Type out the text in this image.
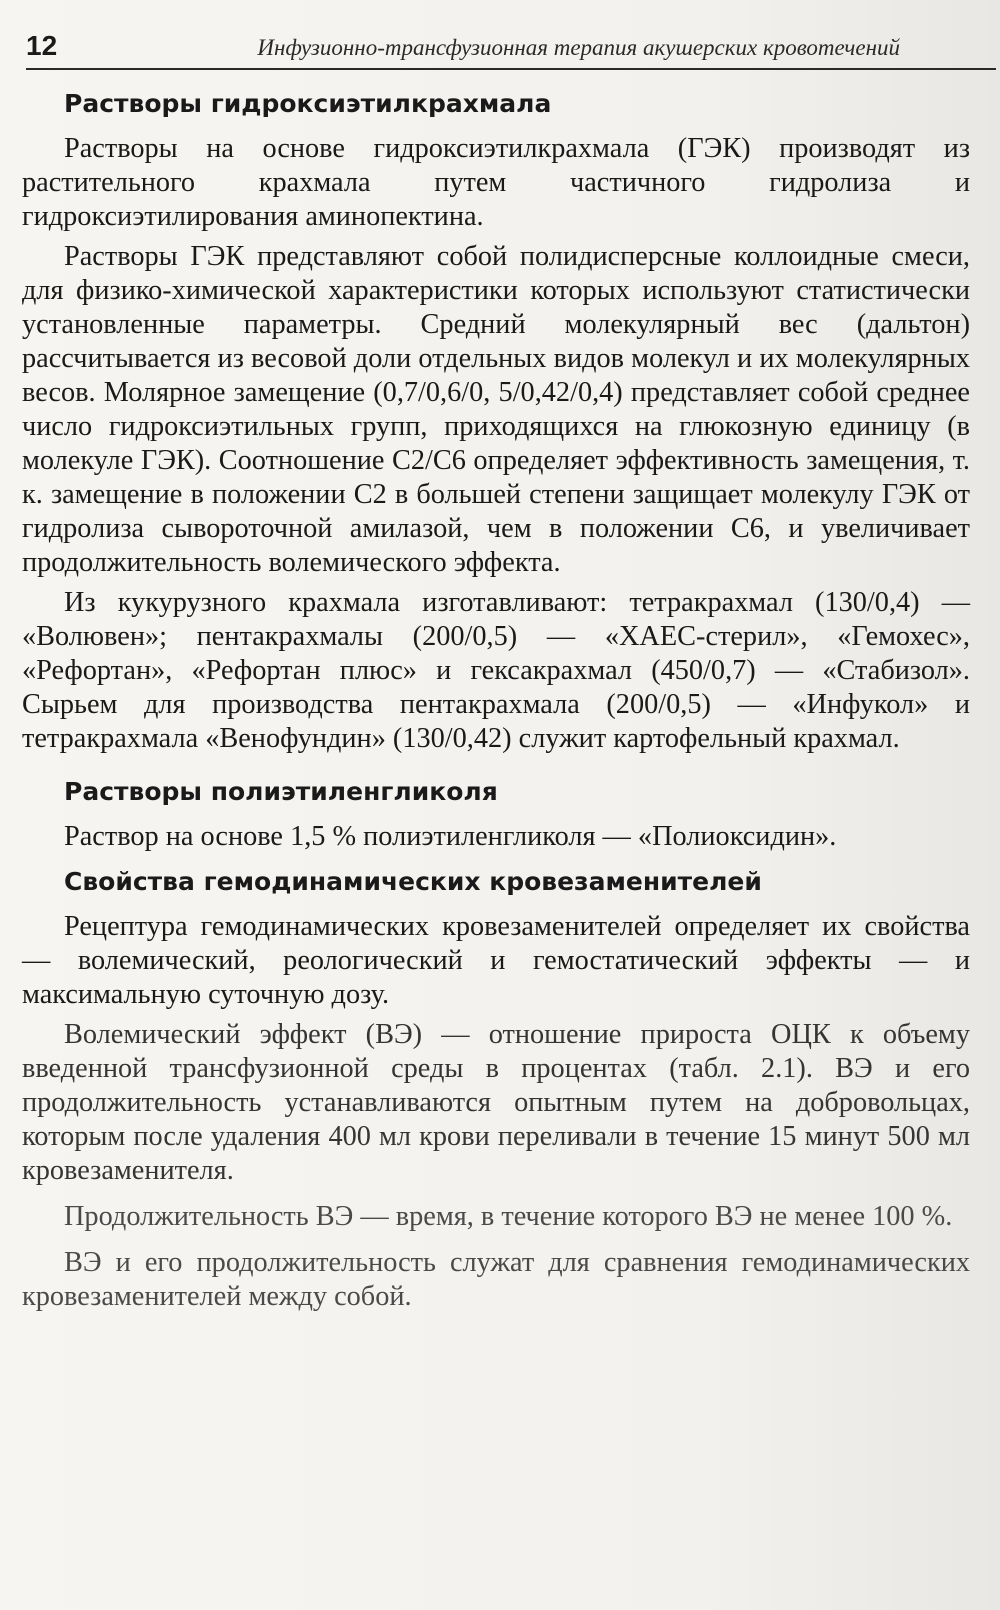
12	Инфузионно-трансфузионная терапия акушерских кровотечений
Растворы гидроксиэтилкрахмала

Растворы на основе гидроксиэтилкрахмала (ГЭК) производят из растительного крахмала путем частичного гидролиза и гидроксиэтилирования аминопектина.

Растворы ГЭК представляют собой полидисперсные коллоидные смеси, для физико-химической характеристики которых используют статистически установленные параметры. Средний молекулярный вес (дальтон) рассчитывается из весовой доли отдельных видов молекул и их молекулярных весов. Молярное замещение (0,7/0,6/0, 5/0,42/0,4) представляет собой среднее число гидроксиэтильных групп, приходящихся на глюкозную единицу (в молекуле ГЭК). Соотношение С2/С6 определяет эффективность замещения, т. к. замещение в положении С2 в большей степени защищает молекулу ГЭК от гидролиза сывороточной амилазой, чем в положении С6, и увеличивает продолжительность волемического эффекта.

Из кукурузного крахмала изготавливают: тетракрахмал (130/0,4) — «Волювен»; пентакрахмалы (200/0,5) — «ХАЕС-стерил», «Гемохес», «Рефортан», «Рефортан плюс» и гексакрахмал (450/0,7) — «Стабизол». Сырьем для производства пентакрахмала (200/0,5) — «Инфукол» и тетракрахмала «Венофундин» (130/0,42) служит картофельный крахмал.

Растворы полиэтиленгликоля

Раствор на основе 1,5 % полиэтиленгликоля — «Полиоксидин».

Свойства гемодинамических кровезаменителей

Рецептура гемодинамических кровезаменителей определяет их свойства — волемический, реологический и гемостатический эффекты — и максимальную суточную дозу.

Волемический эффект (ВЭ) — отношение прироста ОЦК к объему введенной трансфузионной среды в процентах (табл. 2.1). ВЭ и его продолжительность устанавливаются опытным путем на добровольцах, которым после удаления 400 мл крови переливали в течение 15 минут 500 мл кровезаменителя.

Продолжительность ВЭ — время, в течение которого ВЭ не менее 100 %.

ВЭ и его продолжительность служат для сравнения гемодинамических кровезаменителей между собой.
